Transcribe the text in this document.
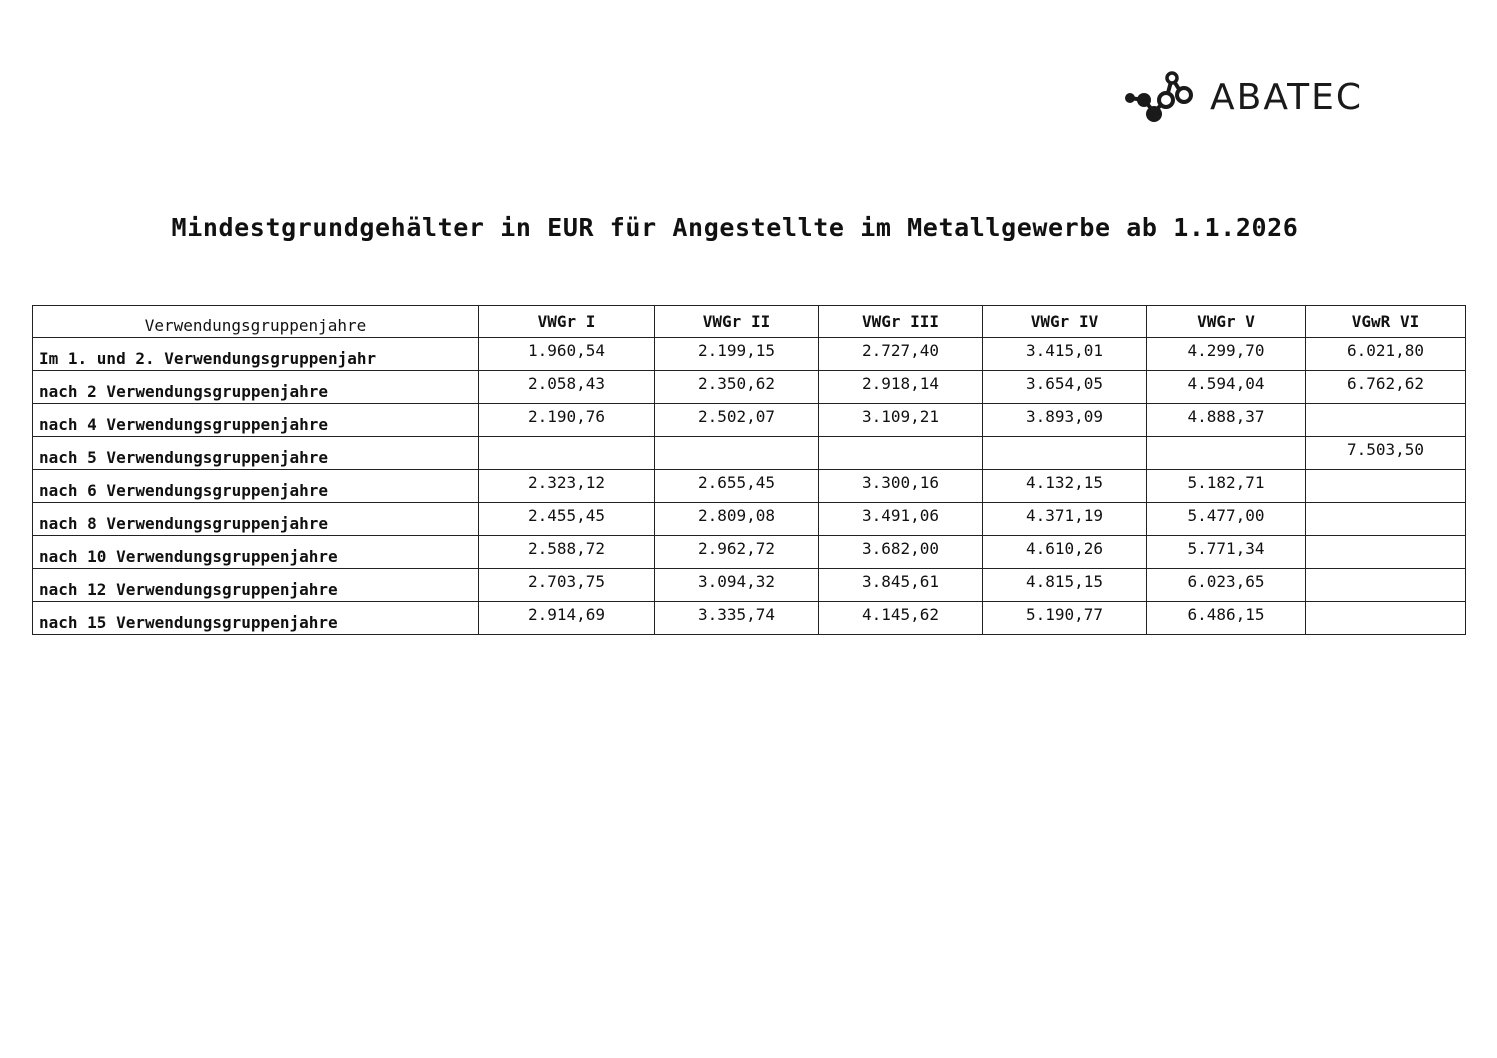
ABATEC
Mindestgrundgehälter in EUR für Angestellte im Metallgewerbe ab 1.1.2026
Verwendungsgruppenjahre	VWGr I	VWGr II	VWGr III	VWGr IV	VWGr V	VGwR VI
Im 1. und 2. Verwendungsgruppenjahr	1.960,54	2.199,15	2.727,40	3.415,01	4.299,70	6.021,80
nach 2 Verwendungsgruppenjahre	2.058,43	2.350,62	2.918,14	3.654,05	4.594,04	6.762,62
nach 4 Verwendungsgruppenjahre	2.190,76	2.502,07	3.109,21	3.893,09	4.888,37	
nach 5 Verwendungsgruppenjahre						7.503,50
nach 6 Verwendungsgruppenjahre	2.323,12	2.655,45	3.300,16	4.132,15	5.182,71	
nach 8 Verwendungsgruppenjahre	2.455,45	2.809,08	3.491,06	4.371,19	5.477,00	
nach 10 Verwendungsgruppenjahre	2.588,72	2.962,72	3.682,00	4.610,26	5.771,34	
nach 12 Verwendungsgruppenjahre	2.703,75	3.094,32	3.845,61	4.815,15	6.023,65	
nach 15 Verwendungsgruppenjahre	2.914,69	3.335,74	4.145,62	5.190,77	6.486,15	
